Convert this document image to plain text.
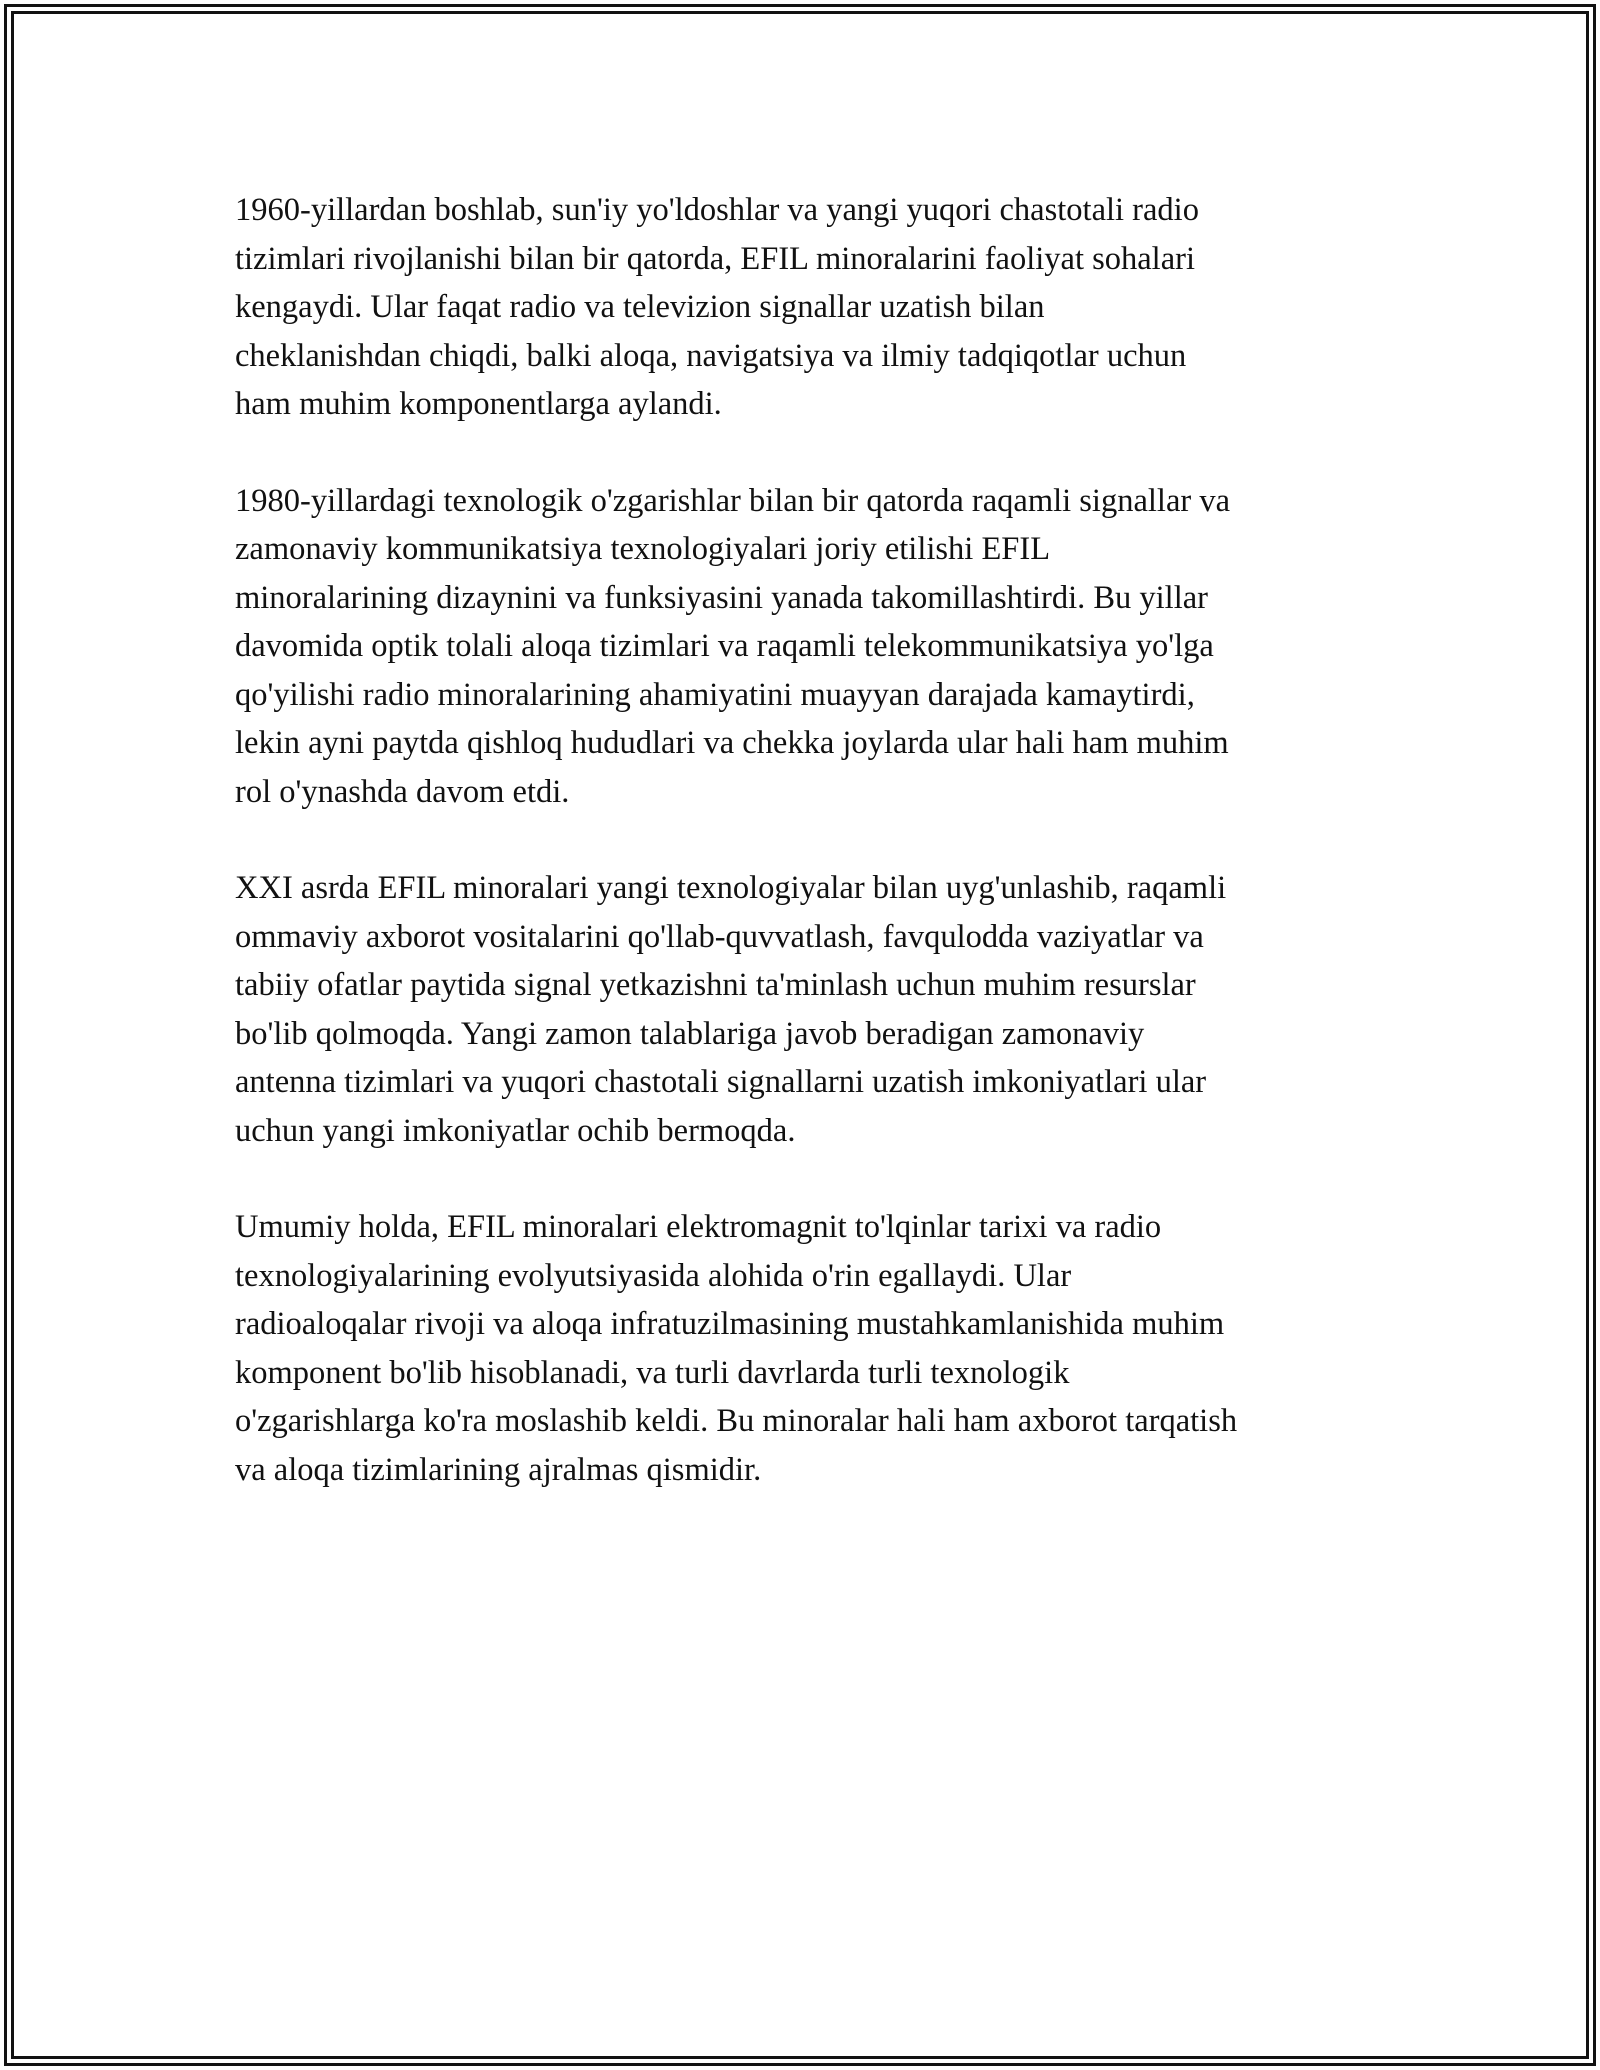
1960-yillardan boshlab, sun'iy yo'ldoshlar va yangi yuqori chastotali radio
tizimlari rivojlanishi bilan bir qatorda, EFIL minoralarini faoliyat sohalari
kengaydi. Ular faqat radio va televizion signallar uzatish bilan
cheklanishdan chiqdi, balki aloqa, navigatsiya va ilmiy tadqiqotlar uchun
ham muhim komponentlarga aylandi.

1980-yillardagi texnologik o'zgarishlar bilan bir qatorda raqamli signallar va
zamonaviy kommunikatsiya texnologiyalari joriy etilishi EFIL
minoralarining dizaynini va funksiyasini yanada takomillashtirdi. Bu yillar
davomida optik tolali aloqa tizimlari va raqamli telekommunikatsiya yo'lga
qo'yilishi radio minoralarining ahamiyatini muayyan darajada kamaytirdi,
lekin ayni paytda qishloq hududlari va chekka joylarda ular hali ham muhim
rol o'ynashda davom etdi.

XXI asrda EFIL minoralari yangi texnologiyalar bilan uyg'unlashib, raqamli
ommaviy axborot vositalarini qo'llab-quvvatlash, favqulodda vaziyatlar va
tabiiy ofatlar paytida signal yetkazishni ta'minlash uchun muhim resurslar
bo'lib qolmoqda. Yangi zamon talablariga javob beradigan zamonaviy
antenna tizimlari va yuqori chastotali signallarni uzatish imkoniyatlari ular
uchun yangi imkoniyatlar ochib bermoqda.

Umumiy holda, EFIL minoralari elektromagnit to'lqinlar tarixi va radio
texnologiyalarining evolyutsiyasida alohida o'rin egallaydi. Ular
radioaloqalar rivoji va aloqa infratuzilmasining mustahkamlanishida muhim
komponent bo'lib hisoblanadi, va turli davrlarda turli texnologik
o'zgarishlarga ko'ra moslashib keldi. Bu minoralar hali ham axborot tarqatish
va aloqa tizimlarining ajralmas qismidir.
